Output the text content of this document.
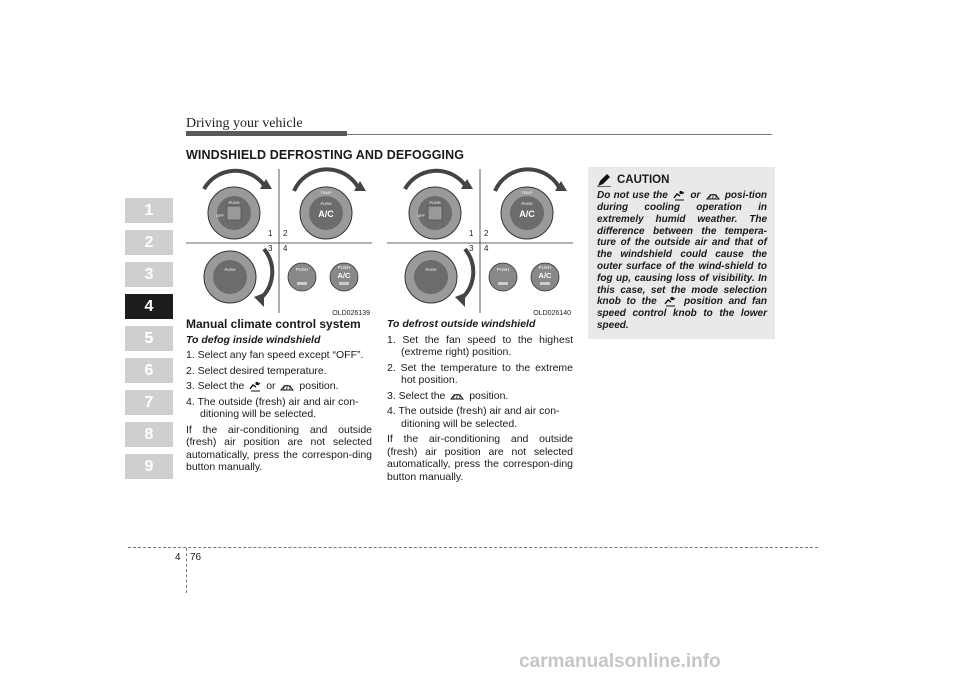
Driving your vehicle
WINDSHIELD DEFROSTING AND DEFOGGING
1
2
3
4
5
6
7
8
9
PUSH
OFF
TEMP
PUSH
A/C
1 2
3 4
PUSH	PUSH	PUSH
A/C
OLD026139
PUSH
OFF
TEMP
PUSH
A/C
1 2
3 4
PUSH	PUSH	PUSH
A/C
OLD026140
CAUTION
Do not use the or posi-tion during cooling operation in extremely humid weather. The difference between the tempera-ture of the outside air and that of the windshield could cause the outer surface of the wind-shield to fog up, causing loss of visibility. In this case, set the mode selection knob to the	position and fan speed control knob to the lower speed.
Manual climate control system
To defog inside windshield

1. Select any fan speed except “OFF”.

2. Select desired temperature.

3. Select the or position.

4. The outside (fresh) air and air con-ditioning will be selected.

If the air-conditioning and outside (fresh) air position are not selected automatically, press the correspon-ding button manually.

To defrost outside windshield

1. Set the fan speed to the highest (extreme right) position.

2. Set the temperature to the extreme hot position.

3. Select the position.

4. The outside (fresh) air and air con-ditioning will be selected.

If the air-conditioning and outside (fresh) air position are not selected automatically, press the correspon-ding button manually.

4 76
carmanualsonline.info
